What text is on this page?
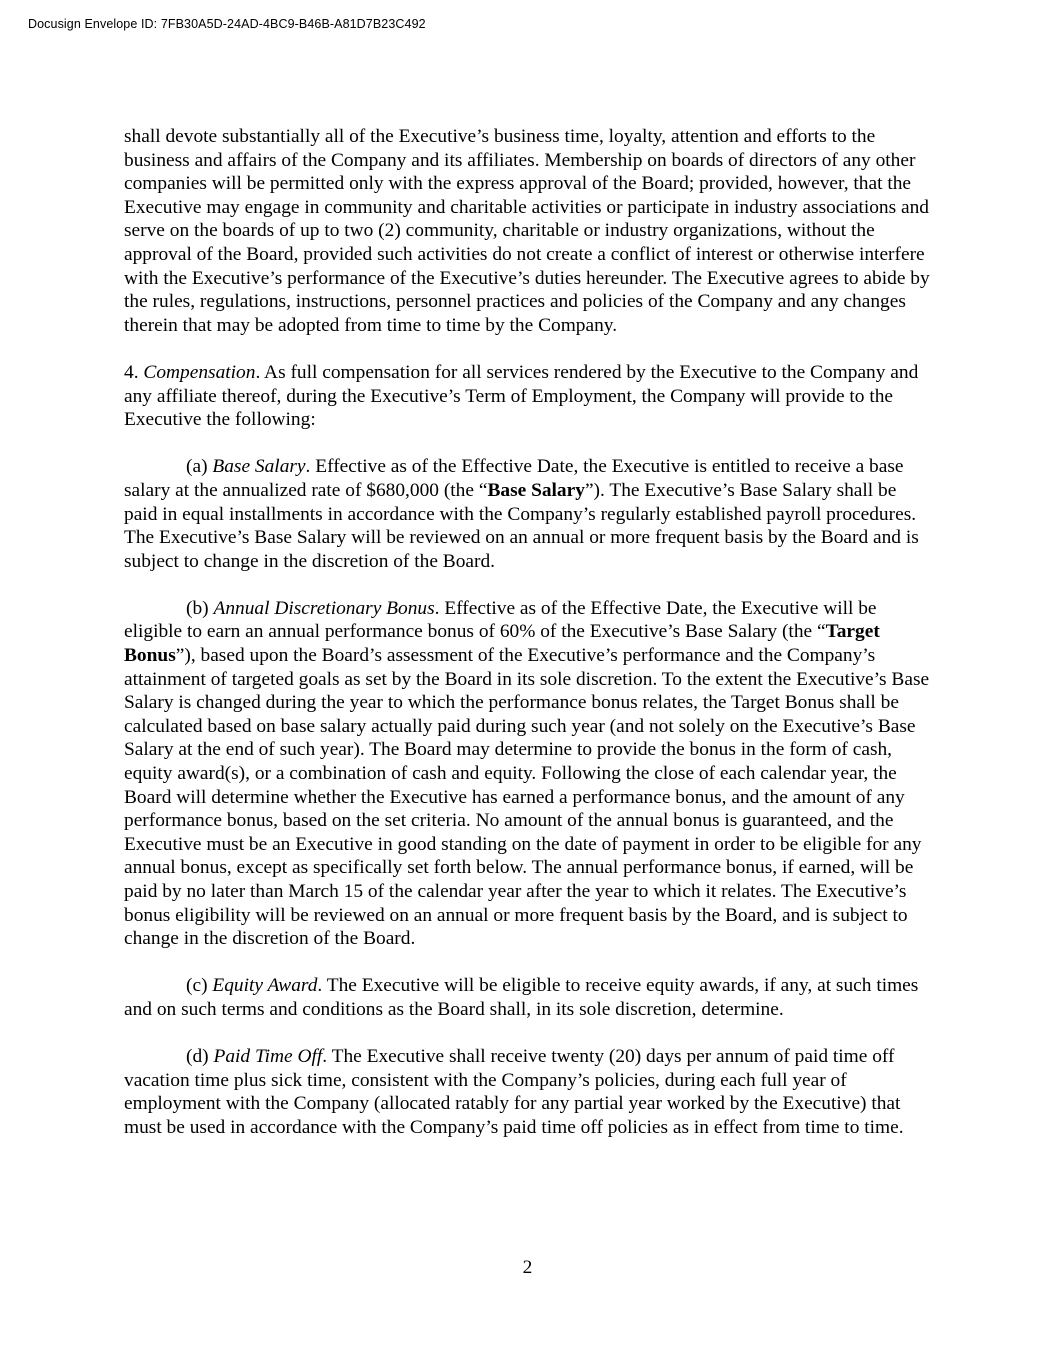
Docusign Envelope ID: 7FB30A5D-24AD-4BC9-B46B-A81D7B23C492

shall devote substantially all of the Executive’s business time, loyalty, attention and efforts to the business and affairs of the Company and its affiliates. Membership on boards of directors of any other companies will be permitted only with the express approval of the Board; provided, however, that the Executive may engage in community and charitable activities or participate in industry associations and serve on the boards of up to two (2) community, charitable or industry organizations, without the approval of the Board, provided such activities do not create a conflict of interest or otherwise interfere with the Executive’s performance of the Executive’s duties hereunder. The Executive agrees to abide by the rules, regulations, instructions, personnel practices and policies of the Company and any changes therein that may be adopted from time to time by the Company.

4. Compensation. As full compensation for all services rendered by the Executive to the Company and any affiliate thereof, during the Executive’s Term of Employment, the Company will provide to the Executive the following:

(a) Base Salary. Effective as of the Effective Date, the Executive is entitled to receive a base salary at the annualized rate of $680,000 (the “Base Salary”). The Executive’s Base Salary shall be paid in equal installments in accordance with the Company’s regularly established payroll procedures. The Executive’s Base Salary will be reviewed on an annual or more frequent basis by the Board and is subject to change in the discretion of the Board.

(b) Annual Discretionary Bonus. Effective as of the Effective Date, the Executive will be eligible to earn an annual performance bonus of 60% of the Executive’s Base Salary (the “Target Bonus”), based upon the Board’s assessment of the Executive’s performance and the Company’s attainment of targeted goals as set by the Board in its sole discretion. To the extent the Executive’s Base Salary is changed during the year to which the performance bonus relates, the Target Bonus shall be calculated based on base salary actually paid during such year (and not solely on the Executive’s Base Salary at the end of such year). The Board may determine to provide the bonus in the form of cash, equity award(s), or a combination of cash and equity. Following the close of each calendar year, the Board will determine whether the Executive has earned a performance bonus, and the amount of any performance bonus, based on the set criteria. No amount of the annual bonus is guaranteed, and the Executive must be an Executive in good standing on the date of payment in order to be eligible for any annual bonus, except as specifically set forth below. The annual performance bonus, if earned, will be paid by no later than March 15 of the calendar year after the year to which it relates. The Executive’s bonus eligibility will be reviewed on an annual or more frequent basis by the Board, and is subject to change in the discretion of the Board.

(c) Equity Award. The Executive will be eligible to receive equity awards, if any, at such times and on such terms and conditions as the Board shall, in its sole discretion, determine.

(d) Paid Time Off. The Executive shall receive twenty (20) days per annum of paid time off vacation time plus sick time, consistent with the Company’s policies, during each full year of employment with the Company (allocated ratably for any partial year worked by the Executive) that must be used in accordance with the Company’s paid time off policies as in effect from time to time.

2
